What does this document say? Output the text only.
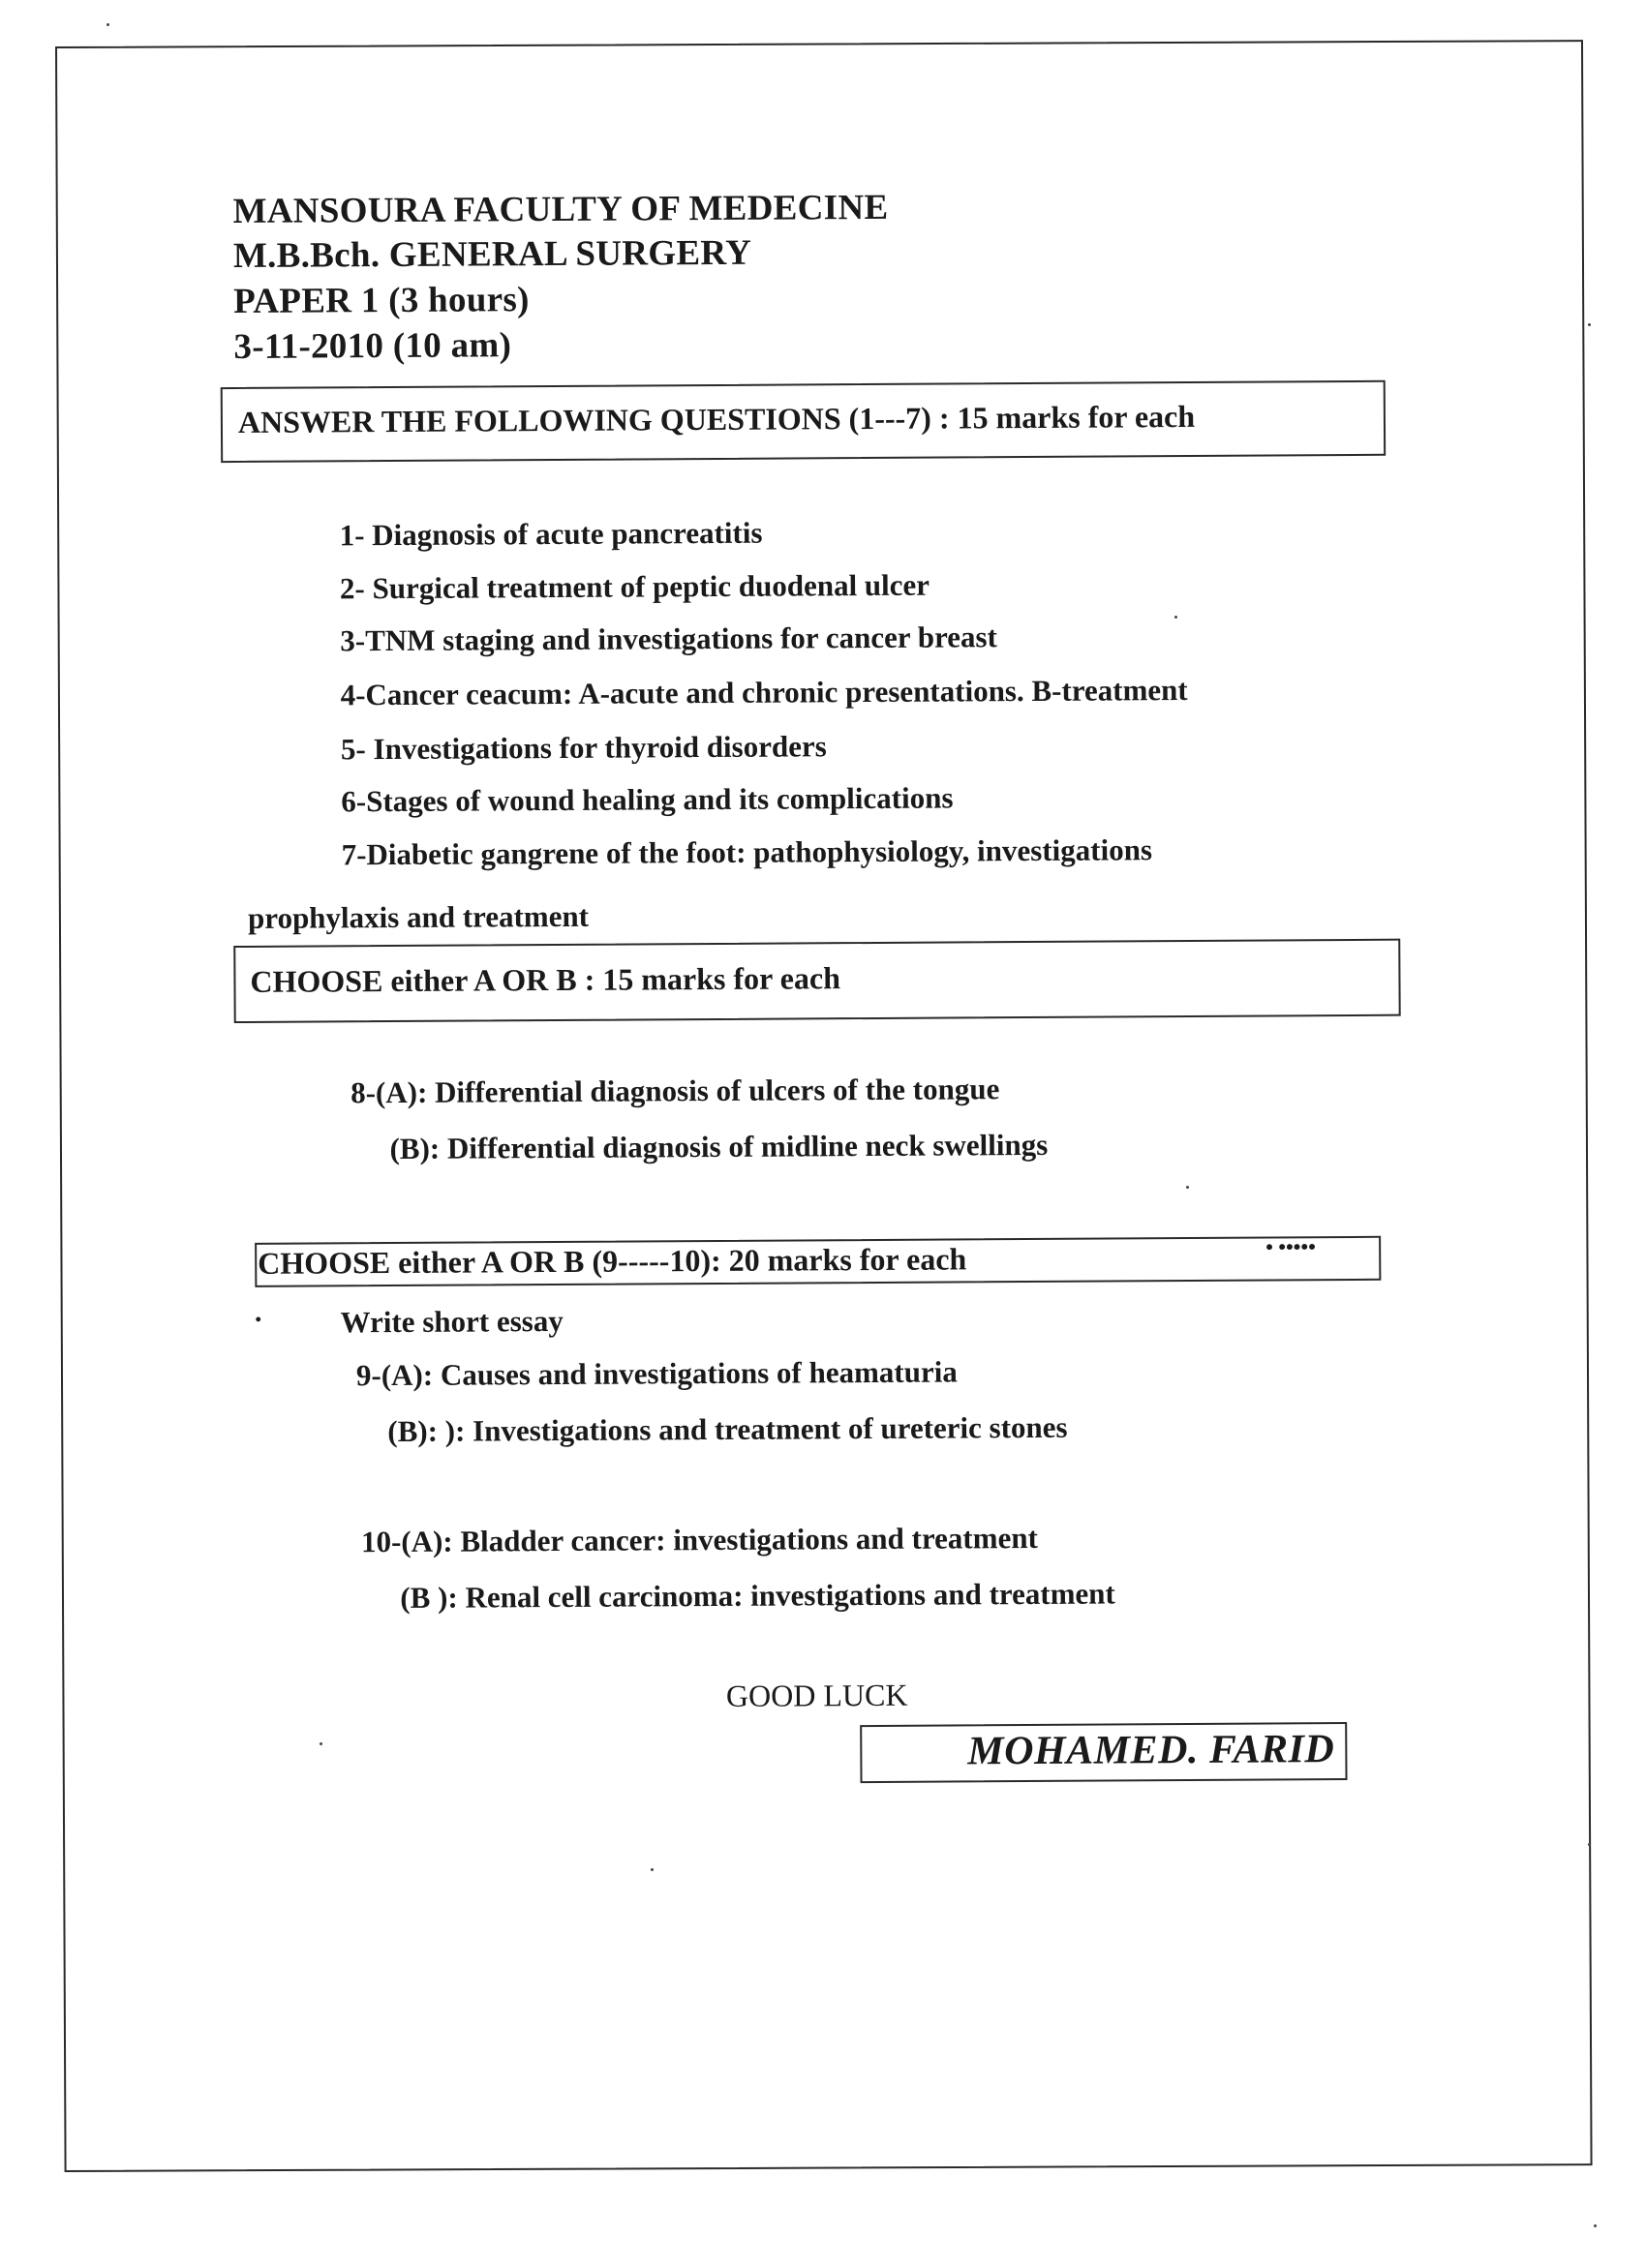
MANSOURA FACULTY OF MEDECINE
M.B.Bch. GENERAL SURGERY
PAPER 1 (3 hours)
3-11-2010 (10 am)
ANSWER THE FOLLOWING QUESTIONS (1---7) : 15 marks for each
1- Diagnosis of acute pancreatitis
2- Surgical treatment of peptic duodenal ulcer
3-TNM staging and investigations for cancer breast
4-Cancer ceacum: A-acute and chronic presentations. B-treatment
5- Investigations for thyroid disorders
6-Stages of wound healing and its complications
7-Diabetic gangrene of the foot: pathophysiology, investigations
prophylaxis and treatment
CHOOSE either A OR B : 15 marks for each
8-(A): Differential diagnosis of ulcers of the tongue
(B): Differential diagnosis of midline neck swellings
CHOOSE either A OR B (9-----10): 20 marks for each	• •••••
•	Write short essay
9-(A): Causes and investigations of heamaturia
(B): ): Investigations and treatment of ureteric stones
10-(A): Bladder cancer: investigations and treatment
(B ): Renal cell carcinoma: investigations and treatment
GOOD LUCK
MOHAMED. FARID
